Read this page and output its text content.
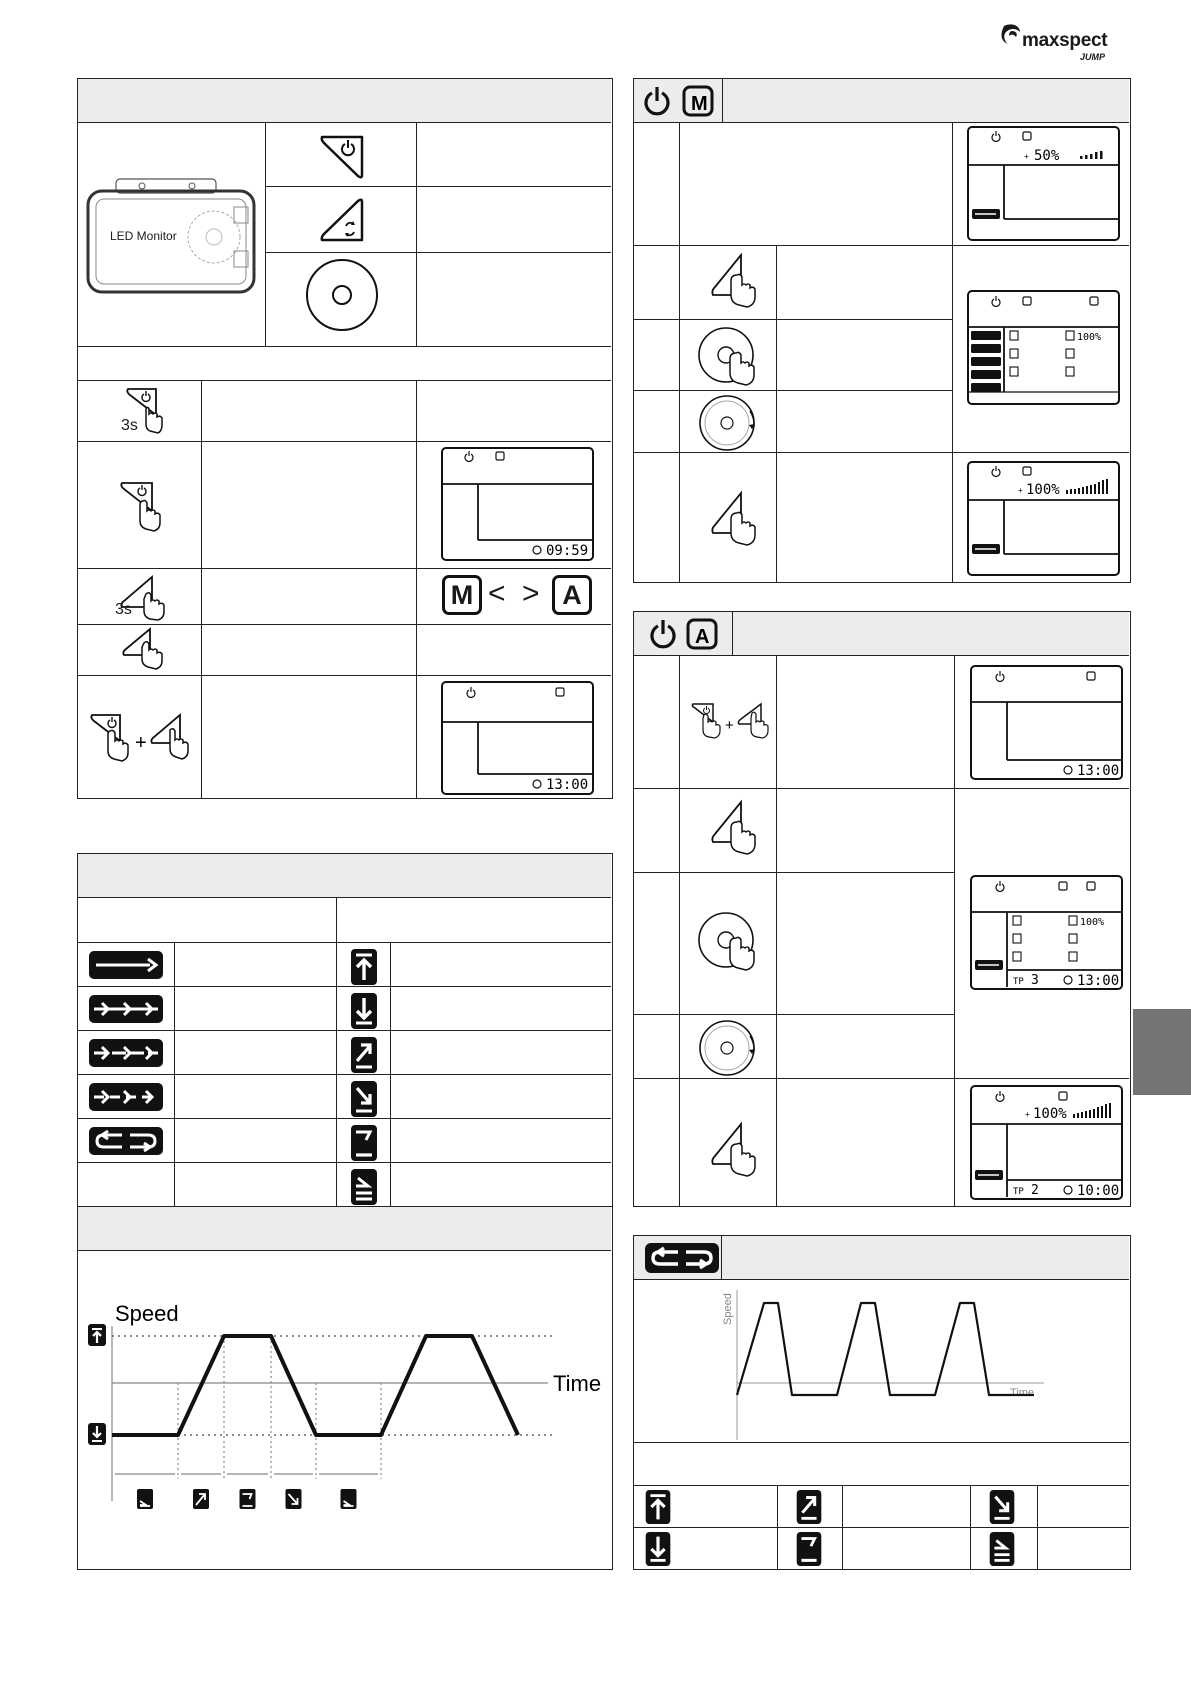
maxspect
JUMP
LED Monitor
3s
09:59
3s	M < > A
+
13:00
Speed
Time
M
+ 50%
100%
+ 100%
A
+
13:00
100%
TP 3	13:00
+ 100%
TP 2	10:00
Speed
Time
